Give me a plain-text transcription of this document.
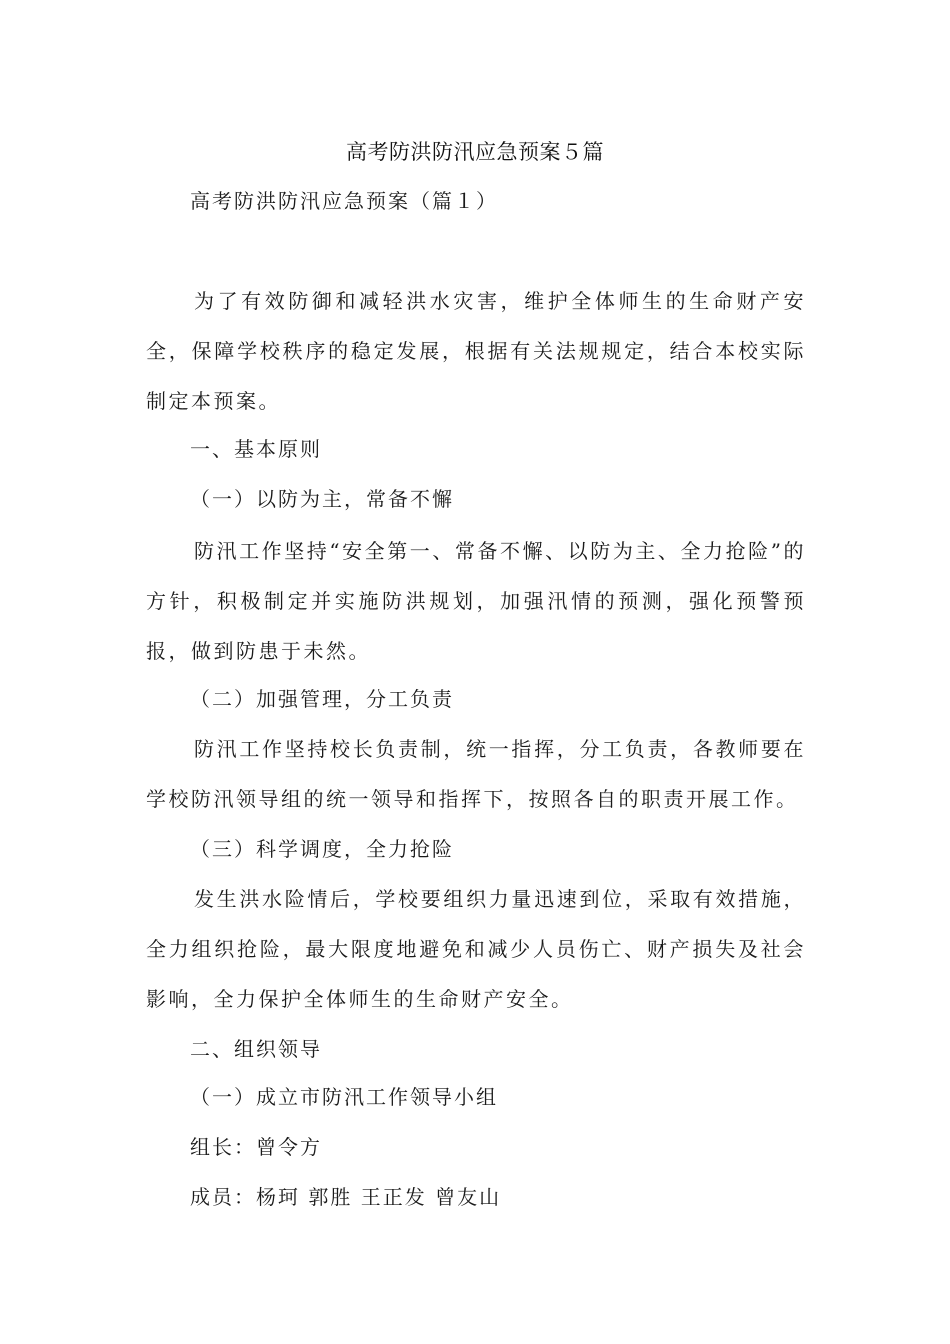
高考防洪防汛应急预案５篇
高考防洪防汛应急预案（篇１）
为了有效防御和减轻洪水灾害，维护全体师生的生命财产安全，保障学校秩序的稳定发展，根据有关法规规定，结合本校实际制定本预案。
一、基本原则
（一）以防为主，常备不懈
防汛工作坚持“安全第一、常备不懈、以防为主、全力抢险”的方针，积极制定并实施防洪规划，加强汛情的预测，强化预警预报，做到防患于未然。
（二）加强管理，分工负责
防汛工作坚持校长负责制，统一指挥，分工负责，各教师要在学校防汛领导组的统一领导和指挥下，按照各自的职责开展工作。
（三）科学调度，全力抢险
发生洪水险情后，学校要组织力量迅速到位，采取有效措施，全力组织抢险，最大限度地避免和减少人员伤亡、财产损失及社会影响，全力保护全体师生的生命财产安全。
二、组织领导
（一）成立市防汛工作领导小组
组长：曾令方
成员：杨珂 郭胜 王正发 曾友山
